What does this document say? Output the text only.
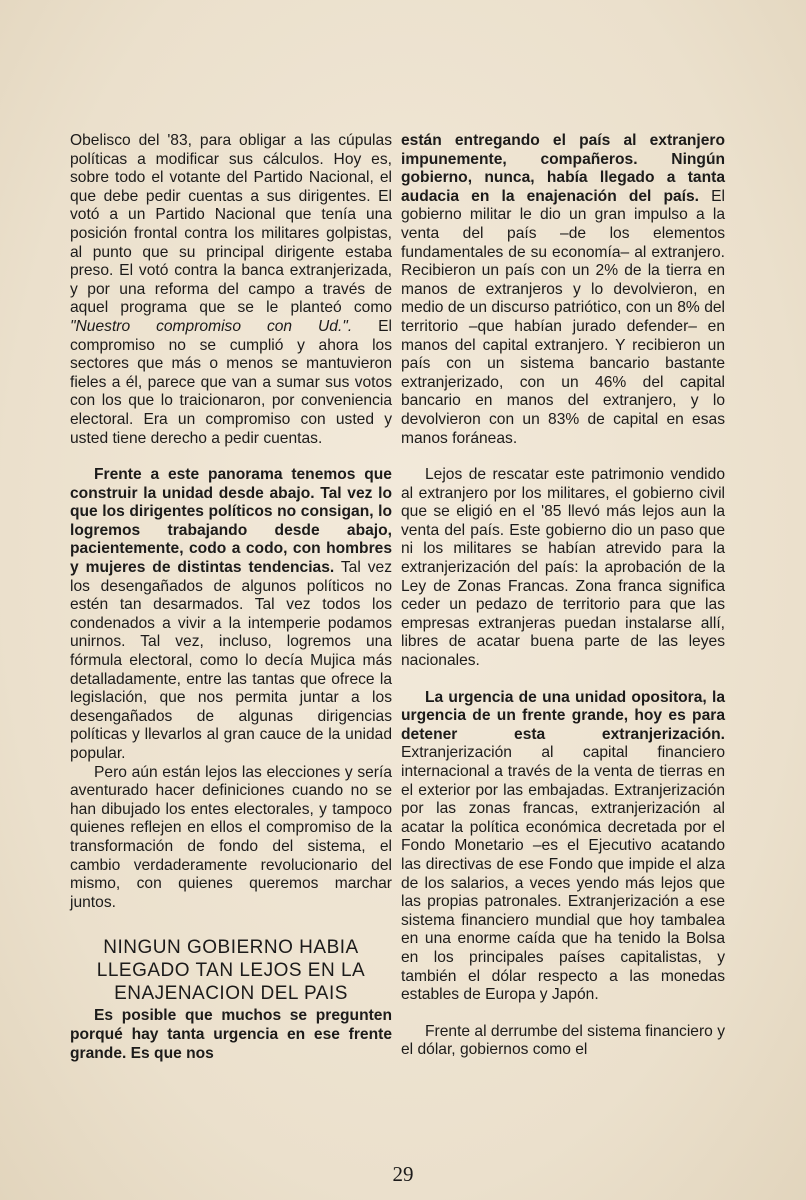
Obelisco del '83, para obligar a las cúpulas políticas a modificar sus cálculos. Hoy es, sobre todo el votante del Partido Nacional, el que debe pedir cuentas a sus dirigentes. El votó a un Partido Nacional que tenía una posición frontal contra los militares golpistas, al punto que su principal dirigente estaba preso. El votó contra la banca extranjerizada, y por una reforma del campo a través de aquel programa que se le planteó como "Nuestro compromiso con Ud.". El compromiso no se cumplió y ahora los sectores que más o menos se mantuvieron fieles a él, parece que van a sumar sus votos con los que lo traicionaron, por conveniencia electoral. Era un compromiso con usted y usted tiene derecho a pedir cuentas.

Frente a este panorama tenemos que construir la unidad desde abajo. Tal vez lo que los dirigentes políticos no consigan, lo logremos trabajando desde abajo, pacientemente, codo a codo, con hombres y mujeres de distintas tendencias. Tal vez los desengañados de algunos políticos no estén tan desarmados. Tal vez todos los condenados a vivir a la intemperie podamos unirnos. Tal vez, incluso, logremos una fórmula electoral, como lo decía Mujica más detalladamente, entre las tantas que ofrece la legislación, que nos permita juntar a los desengañados de algunas dirigencias políticas y llevarlos al gran cauce de la unidad popular.

Pero aún están lejos las elecciones y sería aventurado hacer definiciones cuando no se han dibujado los entes electorales, y tampoco quienes reflejen en ellos el compromiso de la transformación de fondo del sistema, el cambio verdaderamente revolucionario del mismo, con quienes queremos marchar juntos.

NINGUN GOBIERNO HABIA
LLEGADO TAN LEJOS EN LA
ENAJENACION DEL PAIS

Es posible que muchos se pregunten porqué hay tanta urgencia en ese frente grande. Es que nos

están entregando el país al extranjero impunemente, compañeros. Ningún gobierno, nunca, había llegado a tanta audacia en la enajenación del país. El gobierno militar le dio un gran impulso a la venta del país –de los elementos fundamentales de su economía– al extranjero. Recibieron un país con un 2% de la tierra en manos de extranjeros y lo devolvieron, en medio de un discurso patriótico, con un 8% del territorio –que habían jurado defender– en manos del capital extranjero. Y recibieron un país con un sistema bancario bastante extranjerizado, con un 46% del capital bancario en manos del extranjero, y lo devolvieron con un 83% de capital en esas manos foráneas.

Lejos de rescatar este patrimonio vendido al extranjero por los militares, el gobierno civil que se eligió en el '85 llevó más lejos aun la venta del país. Este gobierno dio un paso que ni los militares se habían atrevido para la extranjerización del país: la aprobación de la Ley de Zonas Francas. Zona franca significa ceder un pedazo de territorio para que las empresas extranjeras puedan instalarse allí, libres de acatar buena parte de las leyes nacionales.

La urgencia de una unidad opositora, la urgencia de un frente grande, hoy es para detener esta extranjerización. Extranjerización al capital financiero internacional a través de la venta de tierras en el exterior por las embajadas. Extranjerización por las zonas francas, extranjerización al acatar la política económica decretada por el Fondo Monetario –es el Ejecutivo acatando las directivas de ese Fondo que impide el alza de los salarios, a veces yendo más lejos que las propias patronales. Extranjerización a ese sistema financiero mundial que hoy tambalea en una enorme caída que ha tenido la Bolsa en los principales países capitalistas, y también el dólar respecto a las monedas estables de Europa y Japón.

Frente al derrumbe del sistema financiero y el dólar, gobiernos como el

29
